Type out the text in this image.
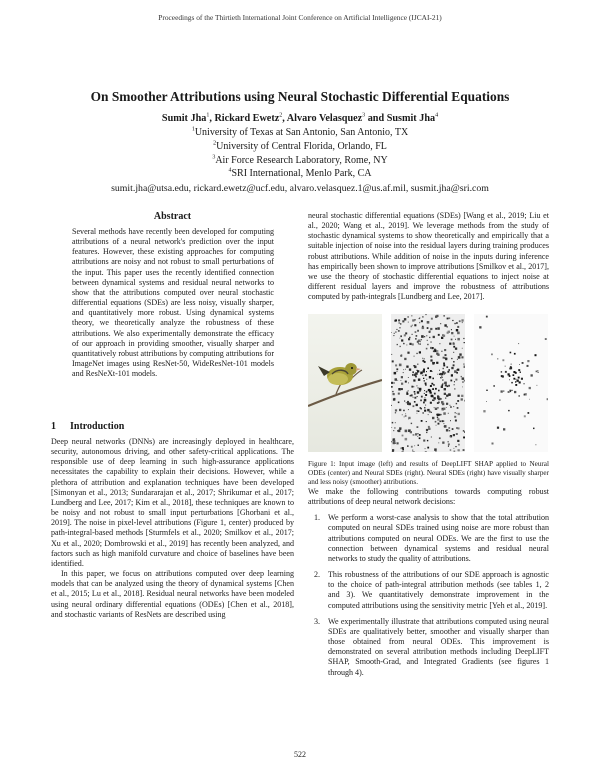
Proceedings of the Thirtieth International Joint Conference on Artificial Intelligence (IJCAI-21)
On Smoother Attributions using Neural Stochastic Differential Equations
Sumit Jha$^1$, Rickard Ewetz$^2$, Alvaro Velasquez$^3$ and Susmit Jha$^4$
$^1$University of Texas at San Antonio, San Antonio, TX
$^2$University of Central Florida, Orlando, FL
$^3$Air Force Research Laboratory, Rome, NY
$^4$SRI International, Menlo Park, CA
sumit.jha@utsa.edu, rickard.ewetz@ucf.edu, alvaro.velasquez.1@us.af.mil, susmit.jha@sri.com
Abstract
Several methods have recently been developed for computing attributions of a neural network's prediction over the input features. However, these existing approaches for computing attributions are noisy and not robust to small perturbations of the input. This paper uses the recently identified connection between dynamical systems and residual neural networks to show that the attributions computed over neural stochastic differential equations (SDEs) are less noisy, visually sharper, and quantitatively more robust. Using dynamical systems theory, we theoretically analyze the robustness of these attributions. We also experimentally demonstrate the efficacy of our approach in providing smoother, visually sharper and quantitatively robust attributions by computing attributions for ImageNet images using ResNet-50, WideResNet-101 models and ResNeXt-101 models.
1 Introduction

Deep neural networks (DNNs) are increasingly deployed in healthcare, security, autonomous driving, and other safety-critical applications. The responsible use of deep learning in such high-assurance applications necessitates the capability to explain their decisions. However, while a plethora of attribution and explanation techniques have been developed [Simonyan et al., 2013; Sundararajan et al., 2017; Shrikumar et al., 2017; Lundberg and Lee, 2017; Kim et al., 2018], these techniques are known to be noisy and not robust to small input perturbations [Ghorbani et al., 2019]. The noise in pixel-level attributions (Figure 1, center) produced by path-integral-based methods [Sturmfels et al., 2020; Smilkov et al., 2017; Xu et al., 2020; Dombrowski et al., 2019] has recently been analyzed, and factors such as high manifold curvature and choice of baselines have been identified.

In this paper, we focus on attributions computed over deep learning models that can be analyzed using the theory of dynamical systems [Chen et al., 2015; Lu et al., 2018]. Residual neural networks have been modeled using neural ordinary differential equations (ODEs) [Chen et al., 2018], and stochastic variants of ResNets are described using

neural stochastic differential equations (SDEs) [Wang et al., 2019; Liu et al., 2020; Wang et al., 2019]. We leverage methods from the study of stochastic dynamical systems to show theoretically and empirically that a suitable injection of noise into the residual layers during training produces robust attributions. While addition of noise in the inputs during inference has empirically been shown to improve attributions [Smilkov et al., 2017], we use the theory of stochastic differential equations to inject noise at different residual layers and improve the robustness of attributions computed by path-integrals [Lundberg and Lee, 2017].
Figure 1: Input image (left) and results of DeepLIFT SHAP applied to Neural ODEs (center) and Neural SDEs (right). Neural SDEs (right) have visually sharper and less noisy (smoother) attributions.

We make the following contributions towards computing robust attributions of deep neural network decisions:

1. We perform a worst-case analysis to show that the total attribution computed on neural SDEs trained using noise are more robust than attributions computed on neural ODEs. We are the first to use the connection between dynamical systems and residual neural networks to study the quality of attributions.
2. This robustness of the attributions of our SDE approach is agnostic to the choice of path-integral attribution methods (see tables 1, 2 and 3). We quantitatively demonstrate improvement in the computed attributions using the sensitivity metric [Yeh et al., 2019].
3. We experimentally illustrate that attributions computed using neural SDEs are qualitatively better, smoother and visually sharper than those obtained from neural ODEs. This improvement is demonstrated on several attribution methods including DeepLIFT SHAP, Smooth-Grad, and Integrated Gradients (see figures 1 through 4).
522
